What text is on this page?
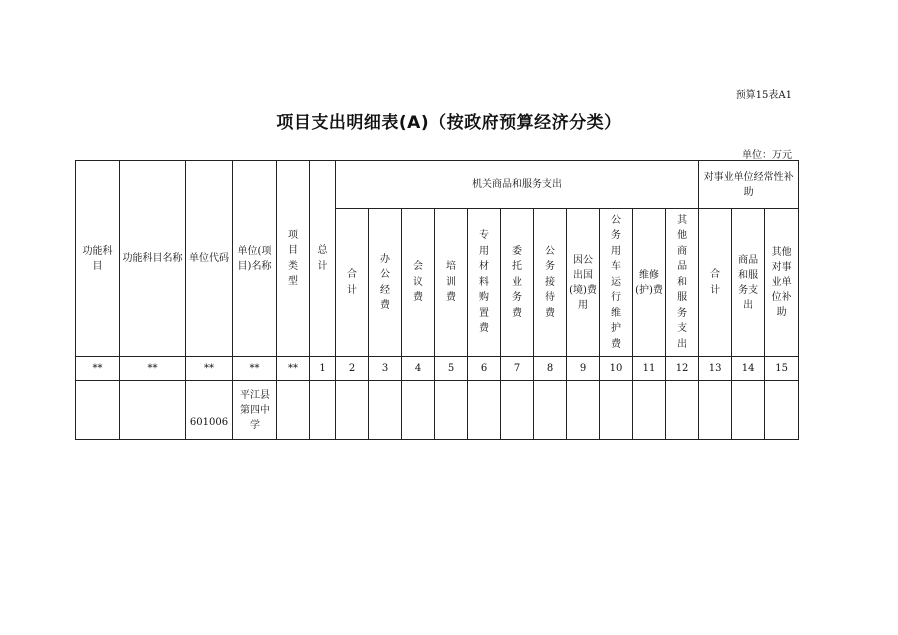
预算15表A1
项目支出明细表(A)（按政府预算经济分类）
单位：万元
功能科目	功能科目名称	单位代码	单位(项目)名称	项目类型	总计	机关商品和服务支出											对事业单位经常性补助		

						合计	办公经费	会议费	培训费	专用材料购置费	委托业务费	公务接待费	因公出国(境)费用	公务用车运行维护费	维修(护)费	其他商品和服务支出	合计	商品和服务支出	其他对事业单位补助

**	**	**	**	**	1	2	3	4	5	6	7	8	9	10	11	12	13	14	15
		601006	平江县第四中学																
